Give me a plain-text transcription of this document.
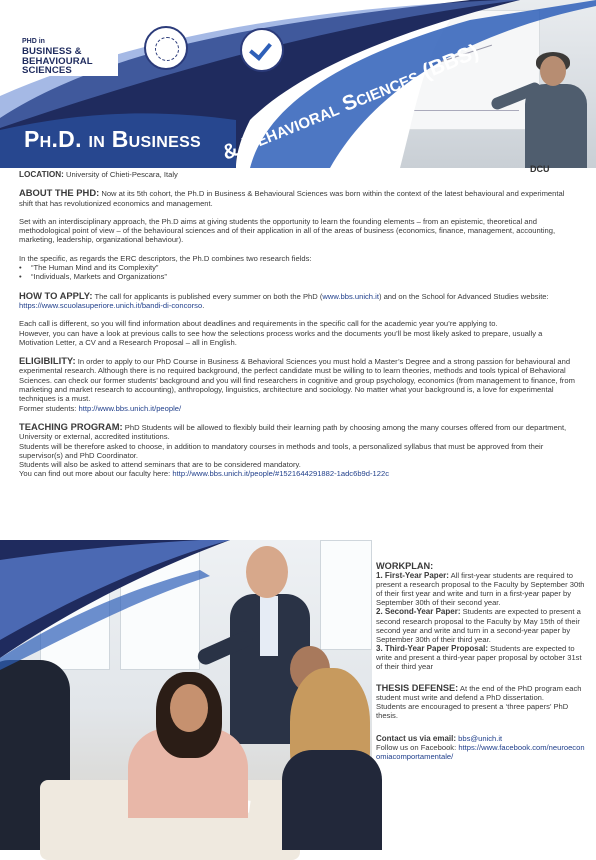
DCU
PHD in
BUSINESS &
BEHAVIOURAL
SCIENCES
Ph.D. in Business & Behavioral Sciences (BBS)

LOCATION: University of Chieti-Pescara, Italy

ABOUT THE PHD: Now at its 5th cohort, the Ph.D in Business & Behavioural Sciences was born within the context of the latest behavioural and experimental shift that has revolutionized economics and management.

Set with an interdisciplinary approach, the Ph.D aims at giving students the opportunity to learn the founding elements – from an epistemic, theoretical and methodological point of view – of the behavioural sciences and of their application in all of the areas of business (economics, finance, management, accounting, marketing, leadership, organizational behaviour).

In the specific, as regards the ERC descriptors, the Ph.D combines two research fields:

• “The Human Mind and its Complexity”
• “Individuals, Markets and Organizations”

HOW TO APPLY: The call for applicants is published every summer on both the PhD (www.bbs.unich.it) and on the School for Advanced Studies website: https://www.scuolasuperiore.unich.it/bandi-di-concorso.

Each call is different, so you will find information about deadlines and requirements in the specific call for the academic year you’re applying to.

However, you can have a look at previous calls to see how the selections process works and the documents you’ll be most likely asked to prepare, usually a Motivation Letter, a CV and a Research Proposal – all in English.

ELIGIBILITY: In order to apply to our PhD Course in Business & Behavioral Sciences you must hold a Master’s Degree and a strong passion for behavioural and experimental research. Although there is no required background, the perfect candidate must be willing to to learn theories, methods and tools typical of Behavioral Sciences. can check our former students’ background and you will find researchers in cognitive and group psychology, economics (from management to finance, from marketing and market research to accounting), anthropology, linguistics, architecture and sociology. No matter what your background is, a love for experimental techniques is a must.

Former students: http://www.bbs.unich.it/people/

TEACHING PROGRAM: PhD Students will be allowed to flexibly build their learning path by choosing among the many courses offered from our department, University or external, accredited institutions.

Students will be therefore asked to choose, in addition to mandatory courses in methods and tools, a personalized syllabus that must be approved from their supervisor(s) and PhD Coordinator.

Students will also be asked to attend seminars that are to be considered mandatory.

You can find out more about our faculty here: http://www.bbs.unich.it/people/#1521644291882-1adc6b9d-122c

WORKPLAN:

1. First-Year Paper: All first-year students are required to present a research proposal to the Faculty by September 30th of their first year and write and turn in a first-year paper by September 30th of their second year.

2. Second-Year Paper: Students are expected to present a second research proposal to the Faculty by May 15th of their second year and write and turn in a second-year paper by September 30th of their third year.

3. Third-Year Paper Proposal: Students are expected to write and present a third-year paper proposal by october 31st of their third year

THESIS DEFENSE: At the end of the PhD program each student must write and defend a PhD dissertation.

Students are encouraged to present a ‘three papers’ PhD thesis.

Contact us via email: bbs@unich.it

Follow us on Facebook: https://www.facebook.com/neuroeconomiacomportamentale/
